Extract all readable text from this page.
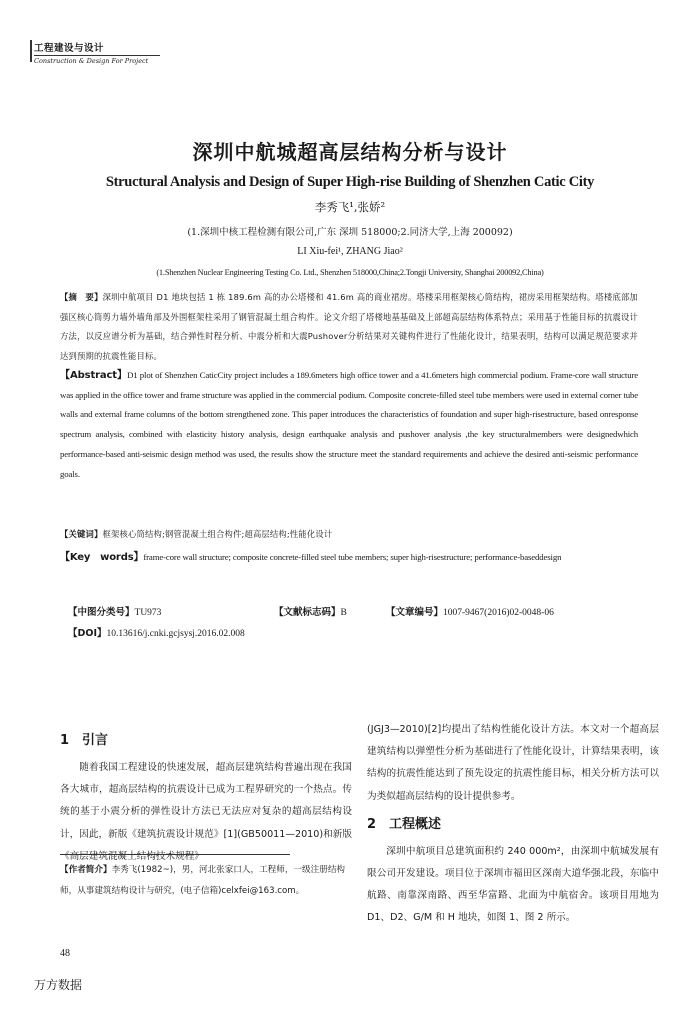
工程建设与设计
Construction & Design For Project
深圳中航城超高层结构分析与设计
Structural Analysis and Design of Super High-rise Building of Shenzhen Catic City
李秀飞¹,张娇²
(1.深圳中核工程检测有限公司,广东 深圳 518000;2.同济大学,上海 200092)
LI Xiu-fei¹, ZHANG Jiao²
(1.Shenzhen Nuclear Engineering Testing Co. Ltd., Shenzhen 518000,China;2.Tongji University, Shanghai 200092,China)
【摘　要】深圳中航项目 D1 地块包括 1 栋 189.6m 高的办公塔楼和 41.6m 高的商业裙房。塔楼采用框架核心筒结构，裙房采用框架结构。塔楼底部加强区核心筒剪力墙外墙角部及外围框架柱采用了钢管混凝土组合构件。论文介绍了塔楼地基基础及上部超高层结构体系特点；采用基于性能目标的抗震设计方法，以反应谱分析为基础，结合弹性时程分析、中震分析和大震Pushover分析结果对关键构件进行了性能化设计，结果表明，结构可以满足规范要求并达到预期的抗震性能目标。
【Abstract】D1 plot of Shenzhen CaticCity project includes a 189.6meters high office tower and a 41.6meters high commercial podium. Frame-core wall structure was applied in the office tower and frame structure was applied in the commercial podium. Composite concrete-filled steel tube members were used in external corner tube walls and external frame columns of the bottom strengthened zone. This paper introduces the characteristics of foundation and super high-risestructure, based onresponse spectrum analysis, combined with elasticity history analysis, design earthquake analysis and pushover analysis ,the key structuralmembers were designedwhich performance-based anti-seismic design method was used, the results show the structure meet the standard requirements and achieve the desired anti-seismic performance goals.
【关键词】框架核心筒结构;钢管混凝土组合构件;超高层结构;性能化设计
【Key　words】frame-core wall structure; composite concrete-filled steel tube members; super high-risestructure; performance-baseddesign
【中图分类号】TU973	【文献标志码】B	【文章编号】1007-9467(2016)02-0048-06
【DOI】10.13616/j.cnki.gcjsysj.2016.02.008
1　引言
随着我国工程建设的快速发展，超高层建筑结构普遍出现在我国各大城市，超高层结构的抗震设计已成为工程界研究的一个热点。传统的基于小震分析的弹性设计方法已无法应对复杂的超高层结构设计，因此，新版《建筑抗震设计规范》[1](GB50011—2010)和新版《高层建筑混凝土结构技术规程》
【作者简介】李秀飞(1982~)，男，河北张家口人，工程师，一级注册结构师，从事建筑结构设计与研究，(电子信箱)celxfei@163.com。
(JGJ3—2010)[2]均提出了结构性能化设计方法。本文对一个超高层建筑结构以弹塑性分析为基础进行了性能化设计，计算结果表明，该结构的抗震性能达到了预先设定的抗震性能目标，相关分析方法可以为类似超高层结构的设计提供参考。
2　工程概述
深圳中航项目总建筑面积约 240 000m²，由深圳中航城发展有限公司开发建设。项目位于深圳市福田区深南大道华强北段，东临中航路、南靠深南路、西至华富路、北面为中航宿舍。该项目用地为 D1、D2、G/M 和 H 地块，如图 1、图 2 所示。
48
万方数据
